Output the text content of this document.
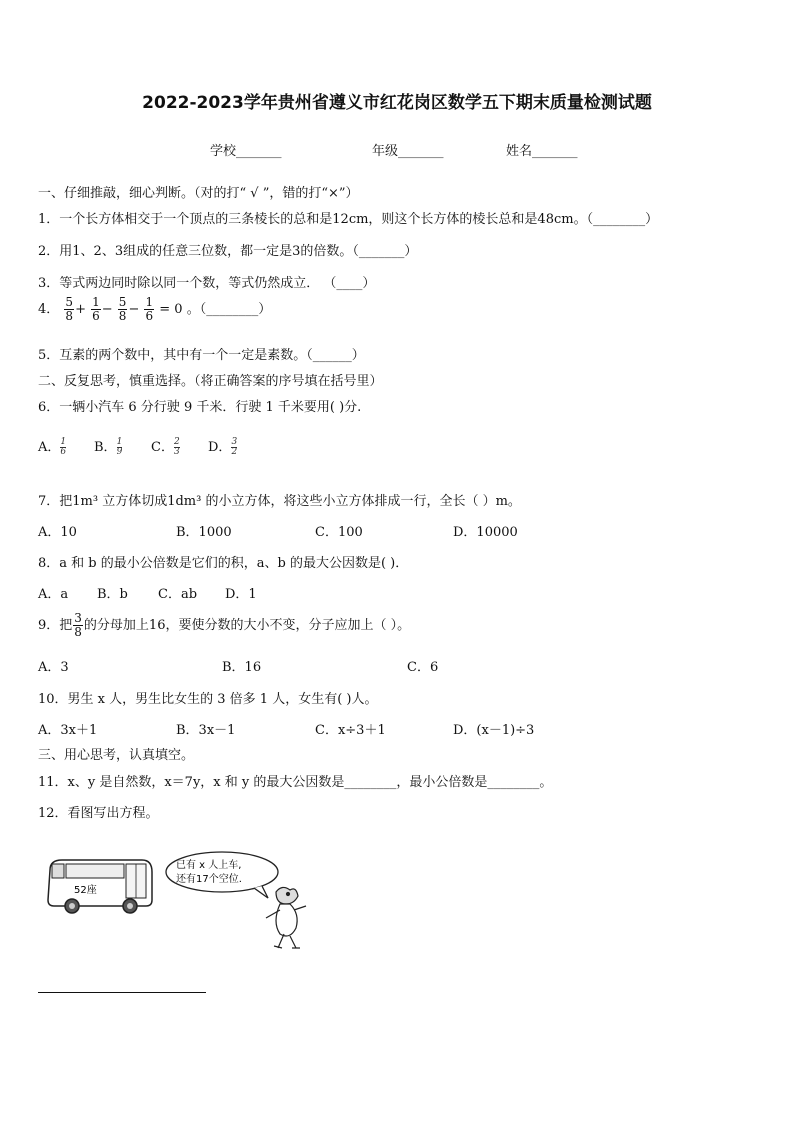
2022-2023学年贵州省遵义市红花岗区数学五下期末质量检测试题
学校_______	年级_______	姓名_______
一、仔细推敲，细心判断。（对的打“ √ ”，错的打“×”）
1．一个长方体相交于一个顶点的三条棱长的总和是12cm，则这个长方体的棱长总和是48cm。（________）
2．用1、2、3组成的任意三位数，都一定是3的倍数。（_______）
3．等式两边同时除以同一个数，等式仍然成立． （____）
4． $\frac{5}{8} + \frac{1}{6} - \frac{5}{8} - \frac{1}{6} = 0$ 。（________）
5．互素的两个数中，其中有一个一定是素数。（______）
二、反复思考，慎重选择。（将正确答案的序号填在括号里）
6．一辆小汽车 6 分行驶 9 千米．行驶 1 千米要用( )分.
A． $\frac{1}{6}$ B． $\frac{1}{9}$ C． $\frac{2}{3}$ D． $\frac{3}{2}$
7．把1m³ 立方体切成1dm³ 的小立方体，将这些小立方体排成一行，全长（ ）m。
A．10	B．1000	C．100	D．10000
8．a 和 b 的最小公倍数是它们的积，a、b 的最大公因数是( )．
A．a B．b C．ab D．1
9．把 $\frac{3}{8}$ 的分母加上16，要使分数的大小不变，分子应加上（ ）。
A．3	B．16	C．6
10．男生 x 人，男生比女生的 3 倍多 1 人，女生有( )人。
A．3x＋1	B．3x－1	C．x÷3＋1	D．(x－1)÷3
三、用心思考，认真填空。
11．x、y 是自然数，x＝7y，x 和 y 的最大公因数是________，最小公倍数是________。
12．看图写出方程。
52座
已有 x 人上车,
还有17个空位.
